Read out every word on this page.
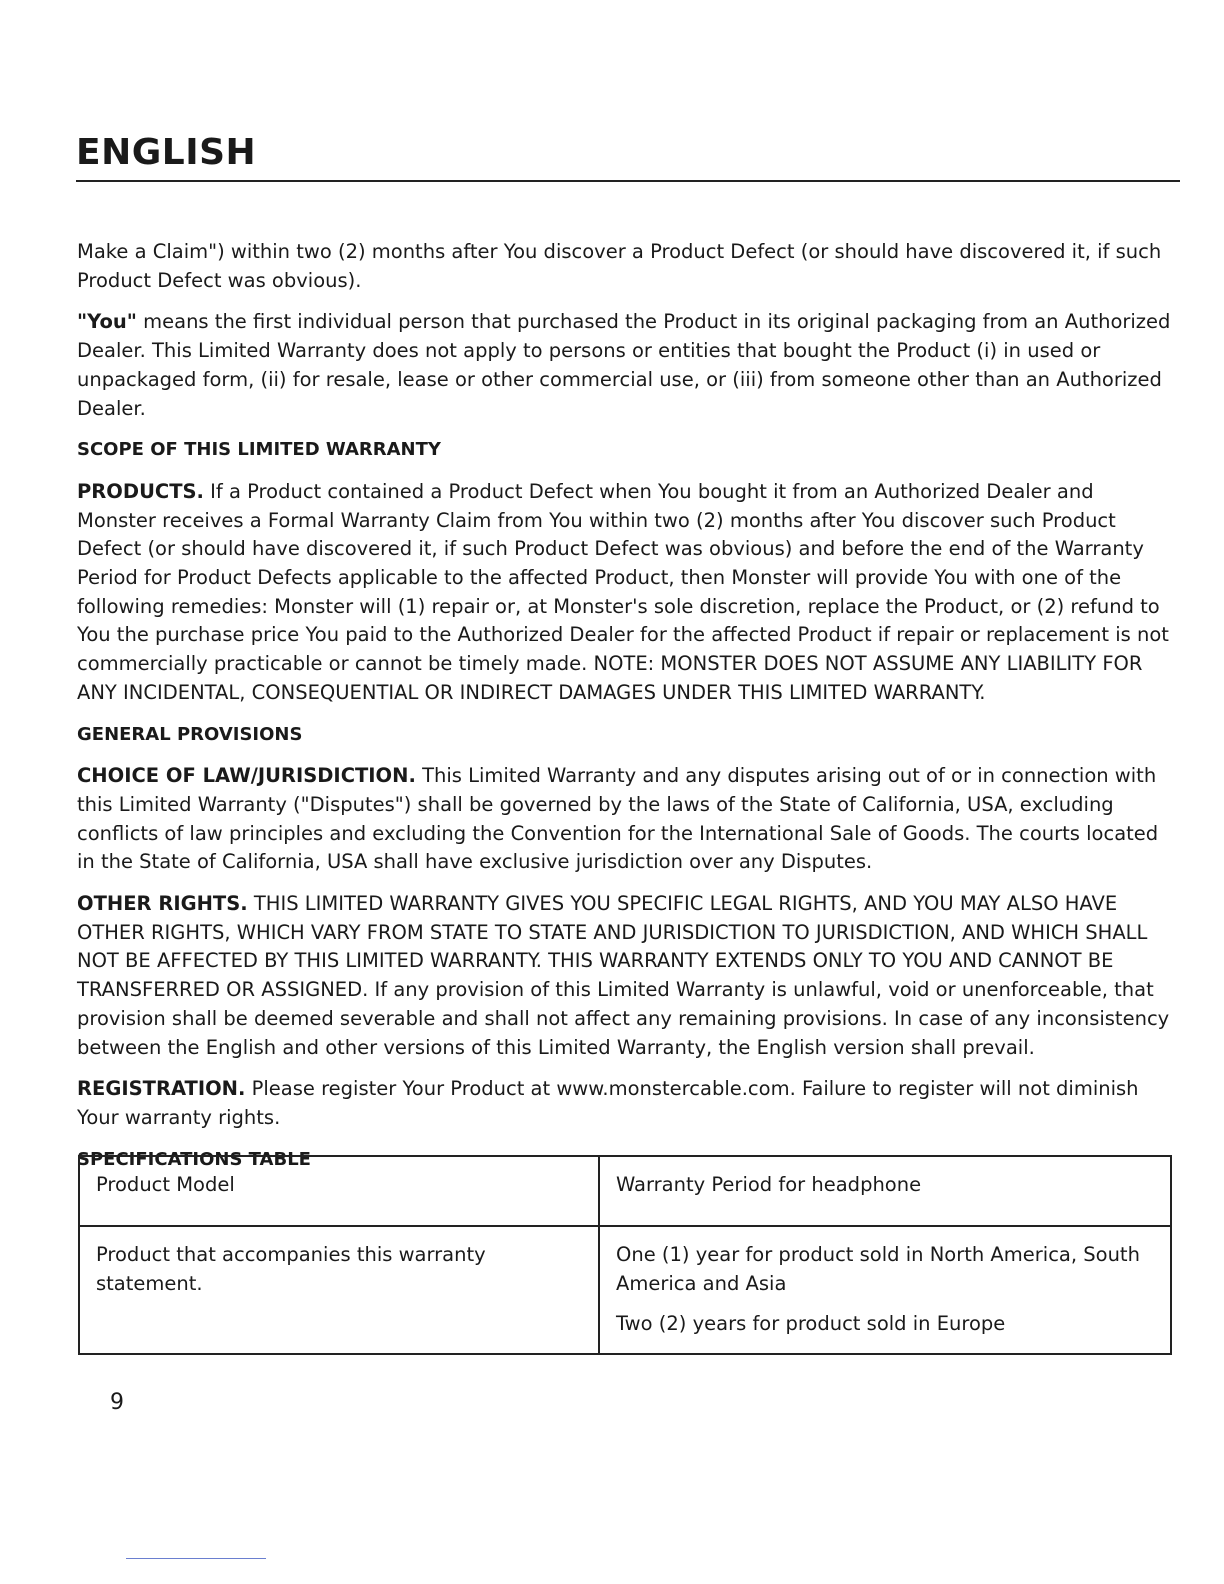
ENGLISH

Make a Claim") within two (2) months after You discover a Product Defect (or should have discovered it, if such Product Defect was obvious).

"You" means the first individual person that purchased the Product in its original packaging from an Authorized Dealer. This Limited Warranty does not apply to persons or entities that bought the Product (i) in used or unpackaged form, (ii) for resale, lease or other commercial use, or (iii) from someone other than an Authorized Dealer.

SCOPE OF THIS LIMITED WARRANTY

PRODUCTS. If a Product contained a Product Defect when You bought it from an Authorized Dealer and Monster receives a Formal Warranty Claim from You within two (2) months after You discover such Product Defect (or should have discovered it, if such Product Defect was obvious) and before the end of the Warranty Period for Product Defects applicable to the affected Product, then Monster will provide You with one of the following remedies: Monster will (1) repair or, at Monster's sole discretion, replace the Product, or (2) refund to You the purchase price You paid to the Authorized Dealer for the affected Product if repair or replacement is not commercially practicable or cannot be timely made. NOTE: MONSTER DOES NOT ASSUME ANY LIABILITY FOR ANY INCIDENTAL, CONSEQUENTIAL OR INDIRECT DAMAGES UNDER THIS LIMITED WARRANTY.

GENERAL PROVISIONS

CHOICE OF LAW/JURISDICTION. This Limited Warranty and any disputes arising out of or in connection with this Limited Warranty ("Disputes") shall be governed by the laws of the State of California, USA, excluding conflicts of law principles and excluding the Convention for the International Sale of Goods. The courts located in the State of California, USA shall have exclusive jurisdiction over any Disputes.

OTHER RIGHTS. THIS LIMITED WARRANTY GIVES YOU SPECIFIC LEGAL RIGHTS, AND YOU MAY ALSO HAVE OTHER RIGHTS, WHICH VARY FROM STATE TO STATE AND JURISDICTION TO JURISDICTION, AND WHICH SHALL NOT BE AFFECTED BY THIS LIMITED WARRANTY. THIS WARRANTY EXTENDS ONLY TO YOU AND CANNOT BE TRANSFERRED OR ASSIGNED. If any provision of this Limited Warranty is unlawful, void or unenforceable, that provision shall be deemed severable and shall not affect any remaining provisions. In case of any inconsistency between the English and other versions of this Limited Warranty, the English version shall prevail.

REGISTRATION. Please register Your Product at www.monstercable.com. Failure to register will not diminish Your warranty rights.

SPECIFICATIONS TABLE
Product Model	Warranty Period for headphone
Product that accompanies this warranty statement.	One (1) year for product sold in North America, South America and Asia

Two (2) years for product sold in Europe

9
